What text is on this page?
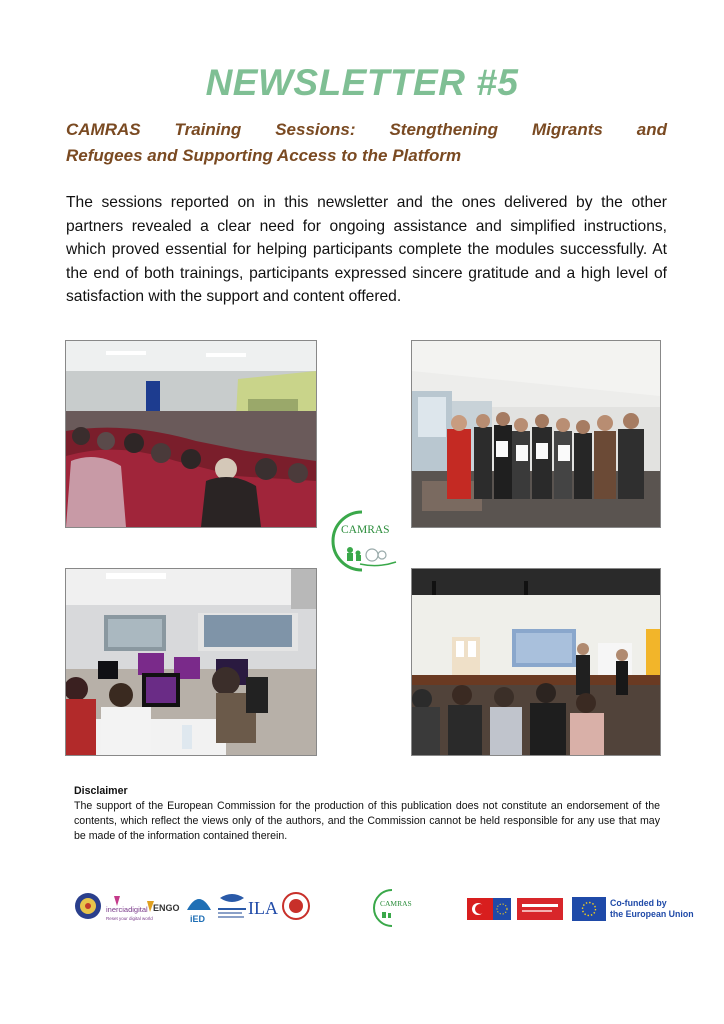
NEWSLETTER #5
CAMRAS Training Sessions: Stengthening Migrants and
Refugees and Supporting Access to the Platform
The sessions reported on in this newsletter and the ones delivered by the other partners revealed a clear need for ongoing assistance and simplified instructions, which proved essential for helping participants complete the modules successfully. At the end of both trainings, participants expressed sincere gratitude and a high level of satisfaction with the support and content offered.
CAMRAS
Disclaimer
The support of the European Commission for the production of this publication does not constitute an endorsement of the contents, which reflect the views only of the authors, and the Commission cannot be held responsible for any use that may be made of the information contained therein.
inerciadigital
Reset your digital world
ENGO
iED
ILA	CAMRAS	Co-funded by
the European Union
